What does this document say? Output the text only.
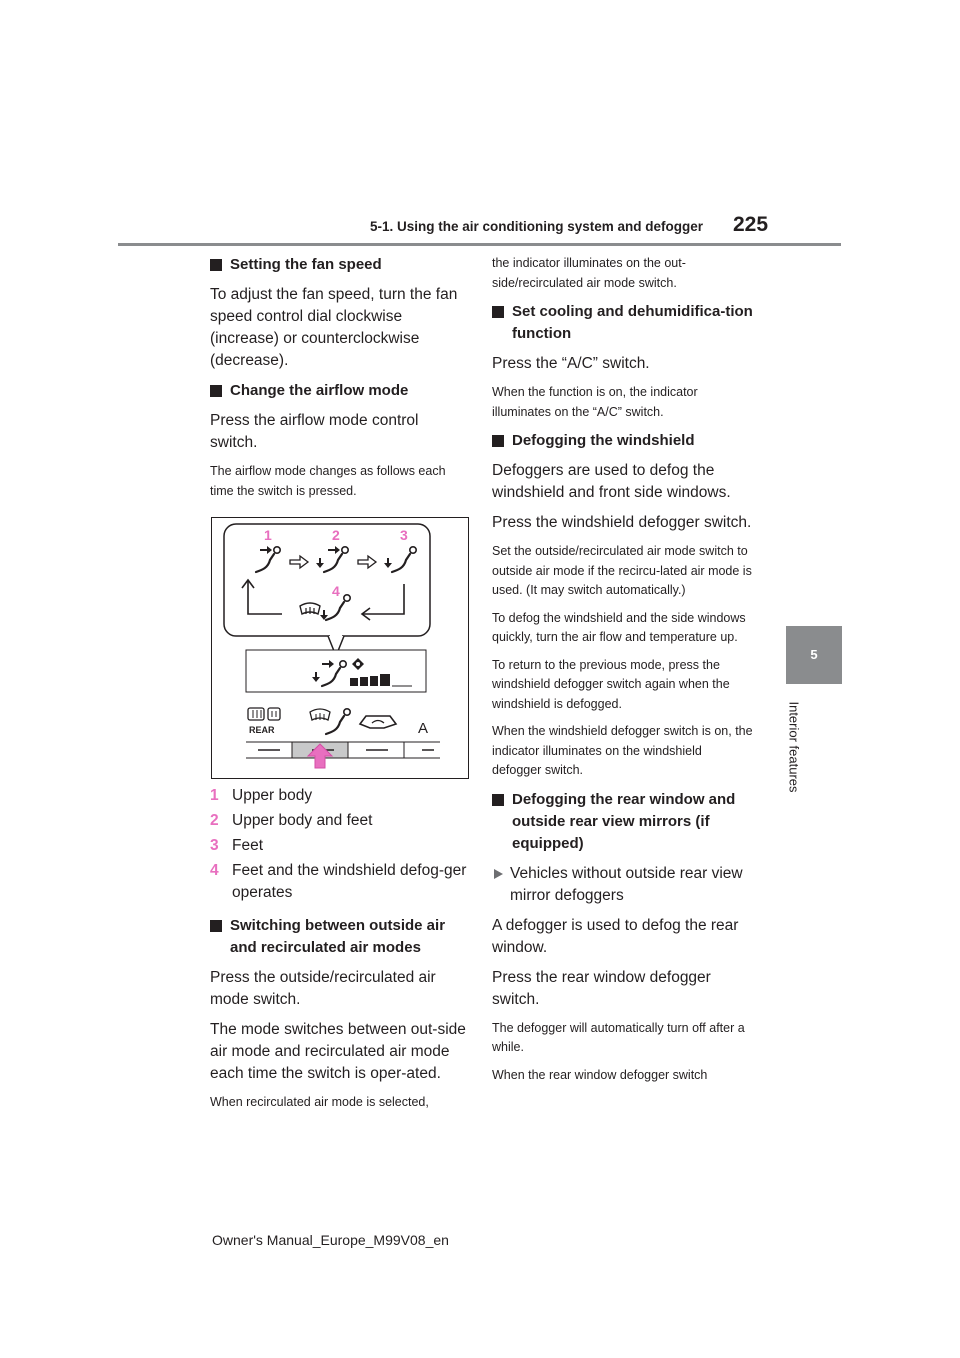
5-1. Using the air conditioning system and defogger 225
5
Interior features
Setting the fan speed
To adjust the fan speed, turn the fan speed control dial clockwise (increase) or counterclockwise (decrease).
Change the airflow mode
Press the airflow mode control switch.
The airflow mode changes as follows each time the switch is pressed.
1	2	3
4
REAR	A
1 Upper body
2 Upper body and feet
3 Feet
4 Feet and the windshield defog-ger operates
Switching between outside air and recirculated air modes
Press the outside/recirculated air mode switch.
The mode switches between out-side air mode and recirculated air mode each time the switch is oper-ated.
When recirculated air mode is selected,
the indicator illuminates on the out-side/recirculated air mode switch.
Set cooling and dehumidifica-tion function
Press the “A/C” switch.
When the function is on, the indicator illuminates on the “A/C” switch.
Defogging the windshield
Defoggers are used to defog the windshield and front side windows.
Press the windshield defogger switch.
Set the outside/recirculated air mode switch to outside air mode if the recircu-lated air mode is used. (It may switch automatically.)
To defog the windshield and the side windows quickly, turn the air flow and temperature up.
To return to the previous mode, press the windshield defogger switch again when the windshield is defogged.
When the windshield defogger switch is on, the indicator illuminates on the windshield defogger switch.
Defogging the rear window and outside rear view mirrors (if equipped)
Vehicles without outside rear view mirror defoggers
A defogger is used to defog the rear window.
Press the rear window defogger switch.
The defogger will automatically turn off after a while.
When the rear window defogger switch
Owner's Manual_Europe_M99V08_en
